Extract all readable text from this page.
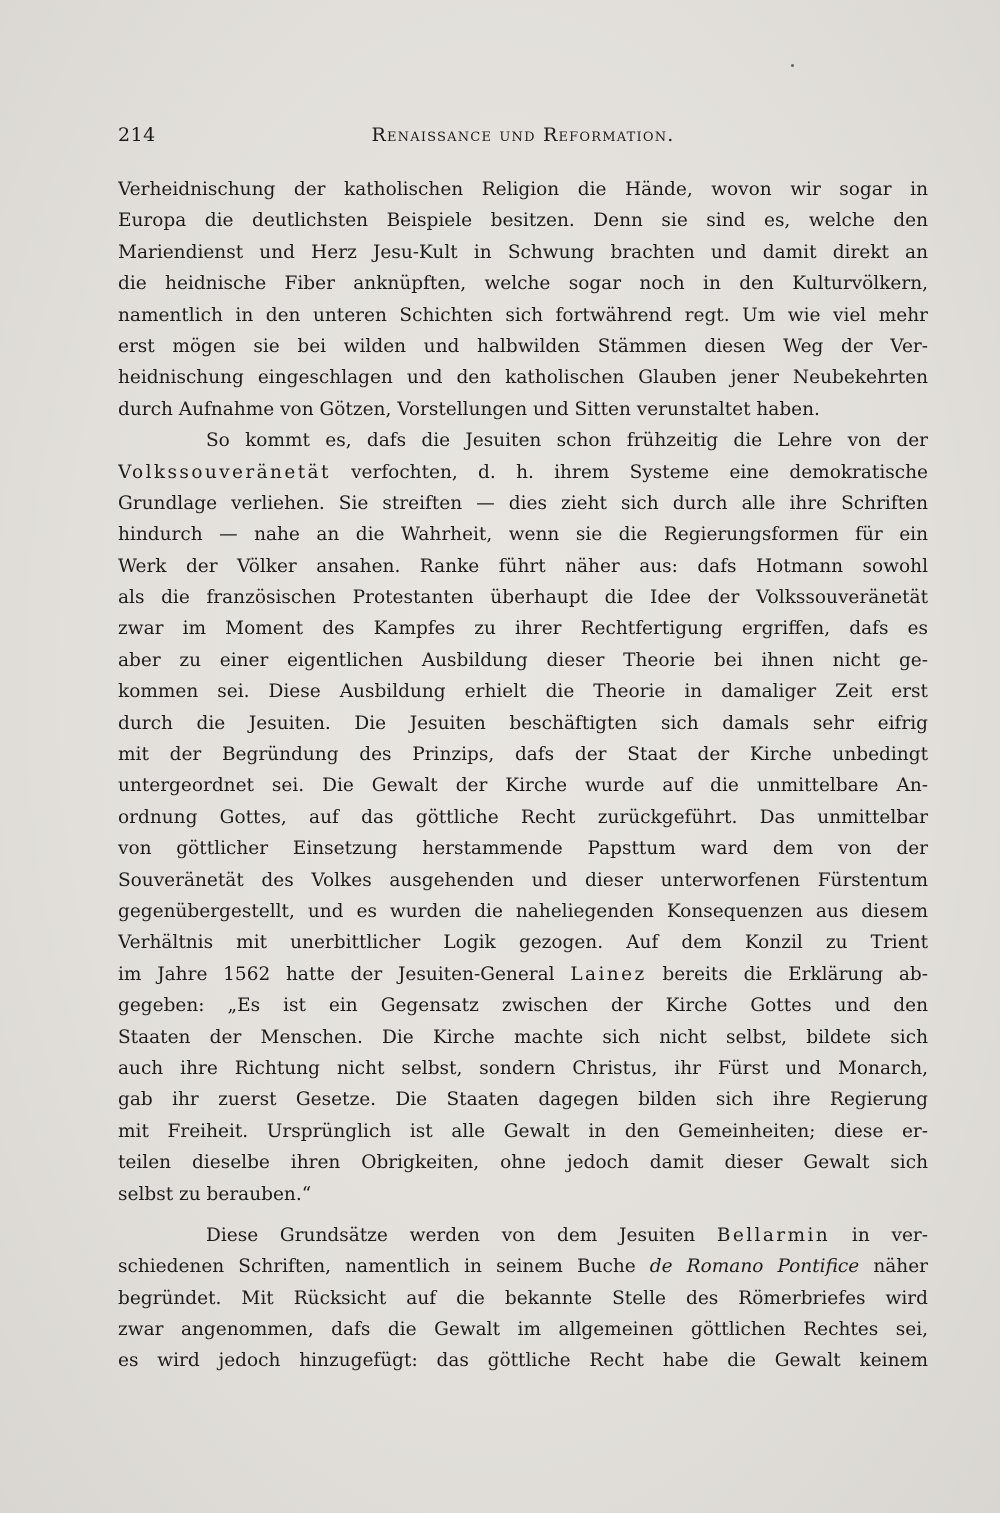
214	Renaissance und Reformation.
Verheidnischung der katholischen Religion die Hände, wovon wir sogar in
Europa die deutlichsten Beispiele besitzen. Denn sie sind es, welche den
Mariendienst und Herz Jesu-Kult in Schwung brachten und damit direkt an
die heidnische Fiber anknüpften, welche sogar noch in den Kulturvölkern,
namentlich in den unteren Schichten sich fortwährend regt. Um wie viel mehr
erst mögen sie bei wilden und halbwilden Stämmen diesen Weg der Ver-
heidnischung eingeschlagen und den katholischen Glauben jener Neubekehrten
durch Aufnahme von Götzen, Vorstellungen und Sitten verunstaltet haben.
So kommt es, dafs die Jesuiten schon frühzeitig die Lehre von der
Volkssouveränetät verfochten, d. h. ihrem Systeme eine demokratische
Grundlage verliehen. Sie streiften — dies zieht sich durch alle ihre Schriften
hindurch — nahe an die Wahrheit, wenn sie die Regierungsformen für ein
Werk der Völker ansahen. Ranke führt näher aus: dafs Hotmann sowohl
als die französischen Protestanten überhaupt die Idee der Volkssouveränetät
zwar im Moment des Kampfes zu ihrer Rechtfertigung ergriffen, dafs es
aber zu einer eigentlichen Ausbildung dieser Theorie bei ihnen nicht ge-
kommen sei. Diese Ausbildung erhielt die Theorie in damaliger Zeit erst
durch die Jesuiten. Die Jesuiten beschäftigten sich damals sehr eifrig
mit der Begründung des Prinzips, dafs der Staat der Kirche unbedingt
untergeordnet sei. Die Gewalt der Kirche wurde auf die unmittelbare An-
ordnung Gottes, auf das göttliche Recht zurückgeführt. Das unmittelbar
von göttlicher Einsetzung herstammende Papsttum ward dem von der
Souveränetät des Volkes ausgehenden und dieser unterworfenen Fürstentum
gegenübergestellt, und es wurden die naheliegenden Konsequenzen aus diesem
Verhältnis mit unerbittlicher Logik gezogen. Auf dem Konzil zu Trient
im Jahre 1562 hatte der Jesuiten-General Lainez bereits die Erklärung ab-
gegeben: „Es ist ein Gegensatz zwischen der Kirche Gottes und den
Staaten der Menschen. Die Kirche machte sich nicht selbst, bildete sich
auch ihre Richtung nicht selbst, sondern Christus, ihr Fürst und Monarch,
gab ihr zuerst Gesetze. Die Staaten dagegen bilden sich ihre Regierung
mit Freiheit. Ursprünglich ist alle Gewalt in den Gemeinheiten; diese er-
teilen dieselbe ihren Obrigkeiten, ohne jedoch damit dieser Gewalt sich
selbst zu berauben.“
Diese Grundsätze werden von dem Jesuiten Bellarmin in ver-
schiedenen Schriften, namentlich in seinem Buche de Romano Pontifice näher
begründet. Mit Rücksicht auf die bekannte Stelle des Römerbriefes wird
zwar angenommen, dafs die Gewalt im allgemeinen göttlichen Rechtes sei,
es wird jedoch hinzugefügt: das göttliche Recht habe die Gewalt keinem
